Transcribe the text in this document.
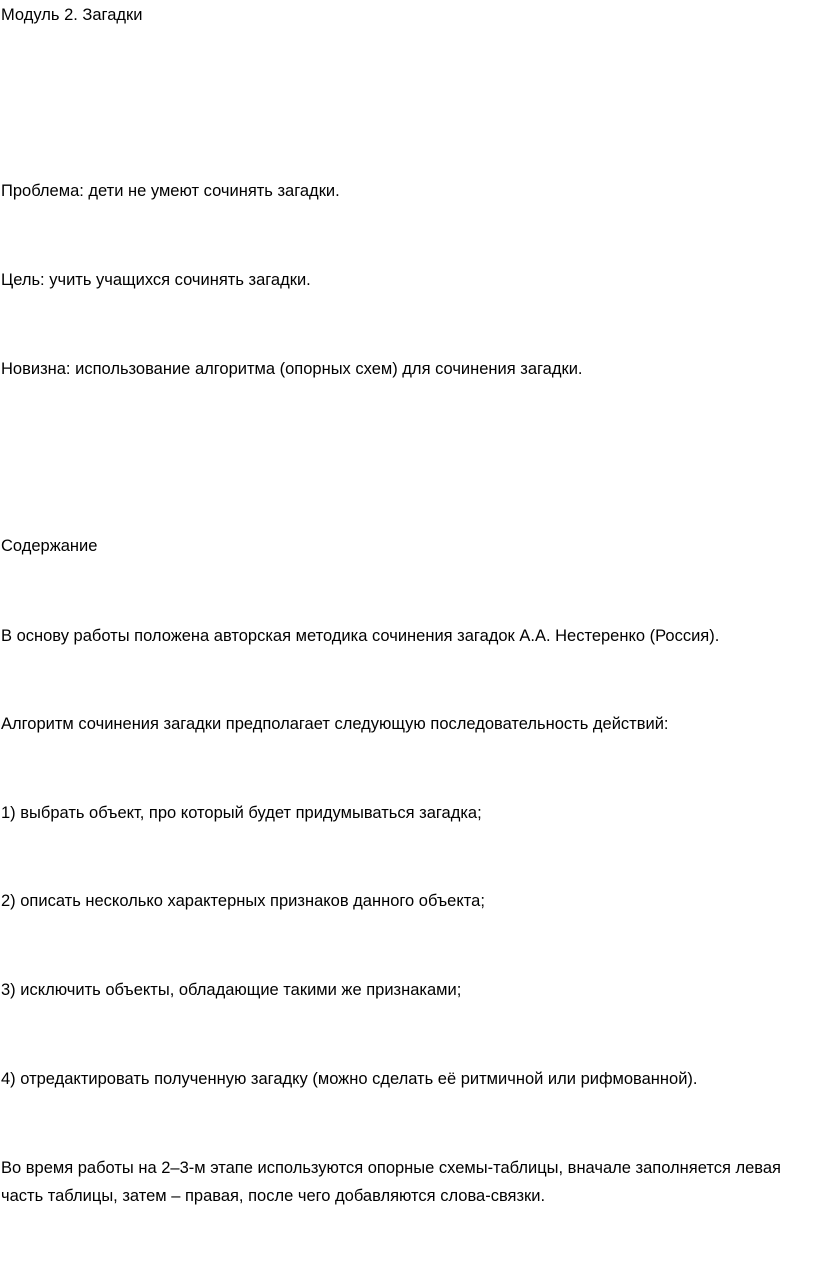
Модуль 2. Загадки

Проблема: дети не умеют сочинять загадки.

Цель: учить учащихся сочинять загадки.

Новизна: использование алгоритма (опорных схем) для сочинения загадки.

Содержание

В основу работы положена авторская методика сочинения загадок А.А. Нестеренко (Россия).

Алгоритм сочинения загадки предполагает следующую последовательность действий:

1) выбрать объект, про который будет придумываться загадка;

2) описать несколько характерных признаков данного объекта;

3) исключить объекты, обладающие такими же признаками;

4) отредактировать полученную загадку (можно сделать её ритмичной или рифмованной).

Во время работы на 2–3-м этапе используются опорные схемы-таблицы, вначале заполняется левая часть таблицы, затем – правая, после чего добавляются слова-связки.
